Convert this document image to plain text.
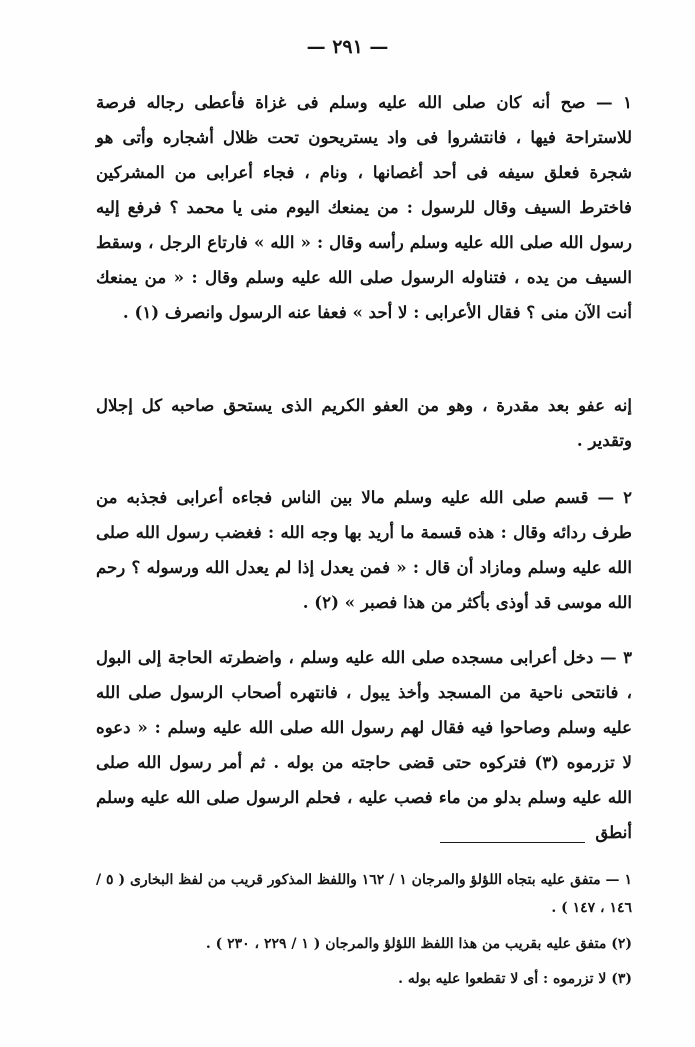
— ٢٩١ —

١ — صح أنه كان صلى الله عليه وسلم فى غزاة فأعطى رجاله فرصة للاستراحة فيها ، فانتشروا فى واد يستريحون تحت ظلال أشجاره وأتى هو شجرة فعلق سيفه فى أحد أغصانها ، ونام ، فجاء أعرابى من المشركين فاخترط السيف وقال للرسول : من يمنعك اليوم منى يا محمد ؟ فرفع إليه رسول الله صلى الله عليه وسلم رأسه وقال : « الله » فارتاع الرجل ، وسقط السيف من يده ، فتناوله الرسول صلى الله عليه وسلم وقال : « من يمنعك أنت الآن منى ؟ فقال الأعرابى : لا أحد » فعفا عنه الرسول وانصرف (١) .

إنه عفو بعد مقدرة ، وهو من العفو الكريم الذى يستحق صاحبه كل إجلال وتقدير .

٢ — قسم صلى الله عليه وسلم مالا بين الناس فجاءه أعرابى فجذبه من طرف ردائه وقال : هذه قسمة ما أريد بها وجه الله : فغضب رسول الله صلى الله عليه وسلم ومازاد أن قال : « فمن يعدل إذا لم يعدل الله ورسوله ؟ رحم الله موسى قد أوذى بأكثر من هذا فصبر » (٢) .

٣ — دخل أعرابى مسجده صلى الله عليه وسلم ، واضطرته الحاجة إلى البول ، فانتحى ناحية من المسجد وأخذ يبول ، فانتهره أصحاب الرسول صلى الله عليه وسلم وصاحوا فيه فقال لهم رسول الله صلى الله عليه وسلم : « دعوه لا تزرموه (٣) فتركوه حتى قضى حاجته من بوله . ثم أمر رسول الله صلى الله عليه وسلم بدلو من ماء فصب عليه ، فحلم الرسول صلى الله عليه وسلم أنطق

١ — متفق عليه بتجاه اللؤلؤ والمرجان ١ / ١٦٢ واللفظ المذكور قريب من لفظ البخارى ( ٥ / ١٤٦ ، ١٤٧ ) .

(٢) متفق عليه بقريب من هذا اللفظ اللؤلؤ والمرجان ( ١ / ٢٢٩ ، ٢٣٠ ) .

(٣) لا تزرموه : أى لا تقطعوا عليه بوله .
